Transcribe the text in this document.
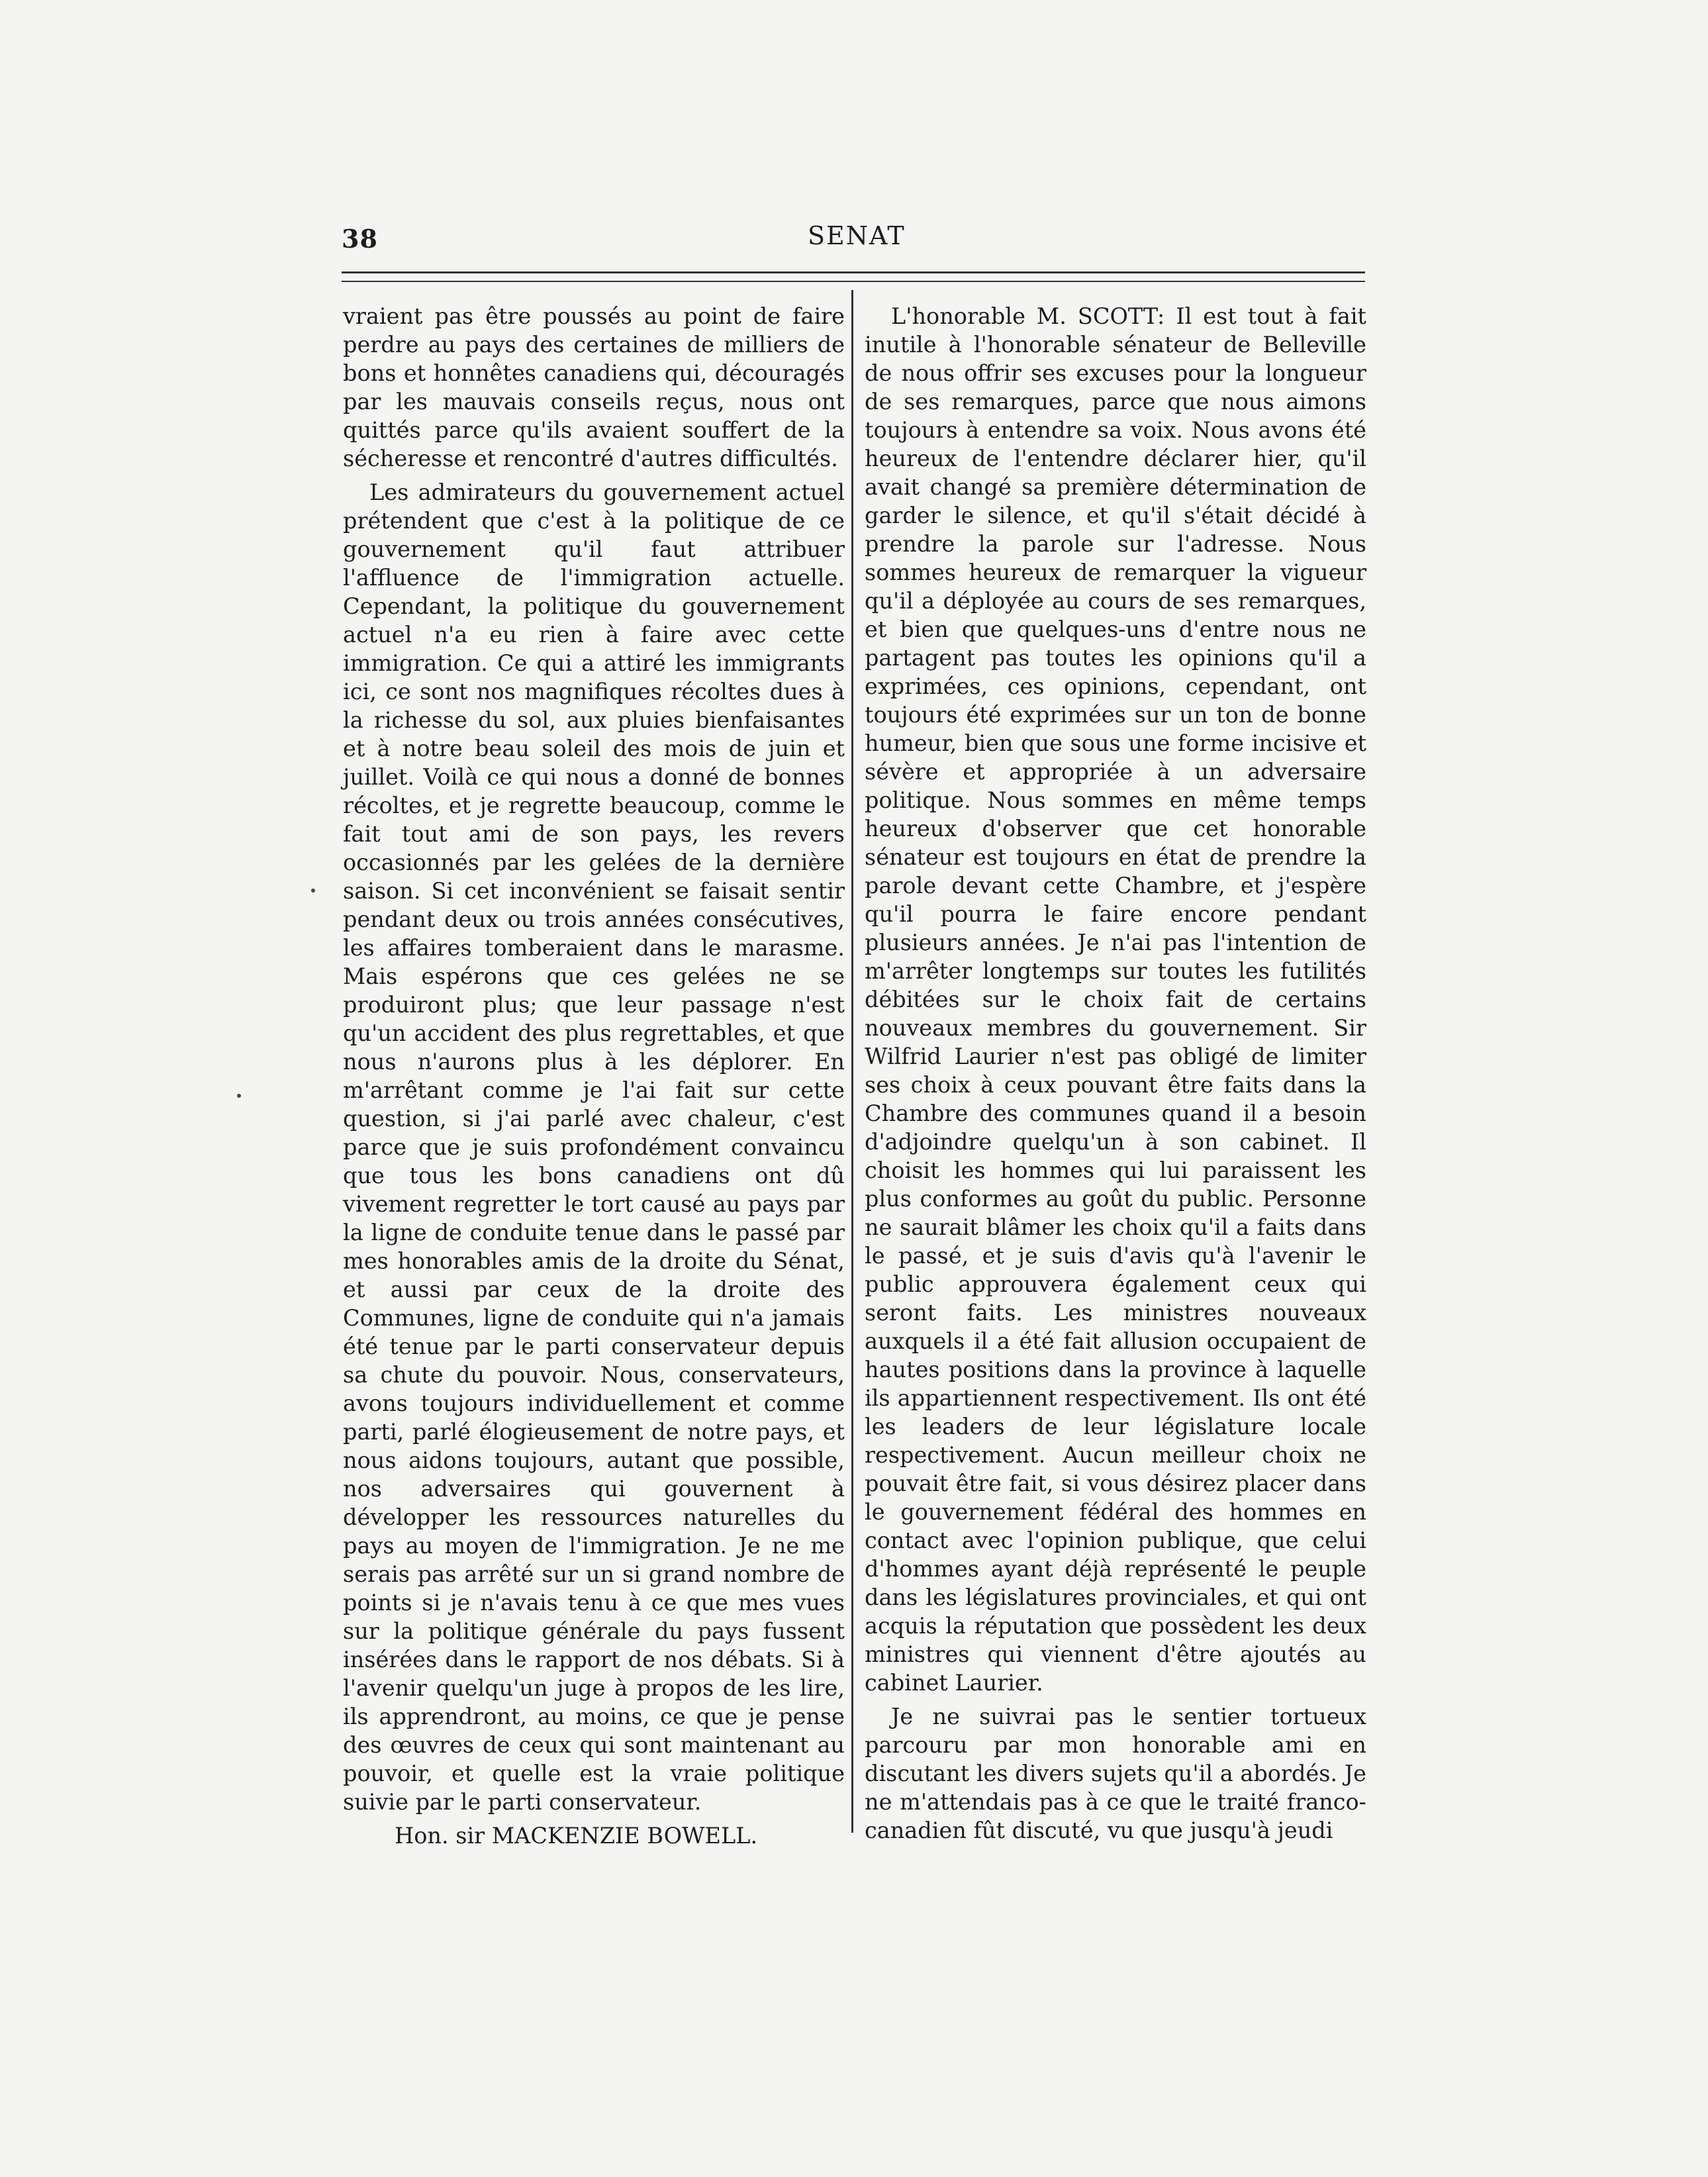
38	SENAT

vraient pas être poussés au point de faire perdre au pays des certaines de milliers de bons et honnêtes canadiens qui, découragés par les mauvais conseils reçus, nous ont quittés parce qu'ils avaient souffert de la sécheresse et rencontré d'autres difficultés.

Les admirateurs du gouvernement actuel prétendent que c'est à la politique de ce gouvernement qu'il faut attribuer l'affluence de l'immigration actuelle. Cependant, la politique du gouvernement actuel n'a eu rien à faire avec cette immigration. Ce qui a attiré les immigrants ici, ce sont nos magnifiques récoltes dues à la richesse du sol, aux pluies bienfaisantes et à notre beau soleil des mois de juin et juillet. Voilà ce qui nous a donné de bonnes récoltes, et je regrette beaucoup, comme le fait tout ami de son pays, les revers occasionnés par les gelées de la dernière saison. Si cet inconvénient se faisait sentir pendant deux ou trois années consécutives, les affaires tomberaient dans le marasme. Mais espérons que ces gelées ne se produiront plus; que leur passage n'est qu'un accident des plus regrettables, et que nous n'aurons plus à les déplorer. En m'arrêtant comme je l'ai fait sur cette question, si j'ai parlé avec chaleur, c'est parce que je suis profondément convaincu que tous les bons canadiens ont dû vivement regretter le tort causé au pays par la ligne de conduite tenue dans le passé par mes honorables amis de la droite du Sénat, et aussi par ceux de la droite des Communes, ligne de conduite qui n'a jamais été tenue par le parti conservateur depuis sa chute du pouvoir. Nous, conservateurs, avons toujours individuellement et comme parti, parlé élogieusement de notre pays, et nous aidons toujours, autant que possible, nos adversaires qui gouvernent à développer les ressources naturelles du pays au moyen de l'immigration. Je ne me serais pas arrêté sur un si grand nombre de points si je n'avais tenu à ce que mes vues sur la politique générale du pays fussent insérées dans le rapport de nos débats. Si à l'avenir quelqu'un juge à propos de les lire, ils apprendront, au moins, ce que je pense des œuvres de ceux qui sont maintenant au pouvoir, et quelle est la vraie politique suivie par le parti conservateur.

Hon. sir MACKENZIE BOWELL.

L'honorable M. SCOTT: Il est tout à fait inutile à l'honorable sénateur de Belleville de nous offrir ses excuses pour la longueur de ses remarques, parce que nous aimons toujours à entendre sa voix. Nous avons été heureux de l'entendre déclarer hier, qu'il avait changé sa première détermination de garder le silence, et qu'il s'était décidé à prendre la parole sur l'adresse. Nous sommes heureux de remarquer la vigueur qu'il a déployée au cours de ses remarques, et bien que quelques-uns d'entre nous ne partagent pas toutes les opinions qu'il a exprimées, ces opinions, cependant, ont toujours été exprimées sur un ton de bonne humeur, bien que sous une forme incisive et sévère et appropriée à un adversaire politique. Nous sommes en même temps heureux d'observer que cet honorable sénateur est toujours en état de prendre la parole devant cette Chambre, et j'espère qu'il pourra le faire encore pendant plusieurs années. Je n'ai pas l'intention de m'arrêter longtemps sur toutes les futilités débitées sur le choix fait de certains nouveaux membres du gouvernement. Sir Wilfrid Laurier n'est pas obligé de limiter ses choix à ceux pouvant être faits dans la Chambre des communes quand il a besoin d'adjoindre quelqu'un à son cabinet. Il choisit les hommes qui lui paraissent les plus conformes au goût du public. Personne ne saurait blâmer les choix qu'il a faits dans le passé, et je suis d'avis qu'à l'avenir le public approuvera également ceux qui seront faits. Les ministres nouveaux auxquels il a été fait allusion occupaient de hautes positions dans la province à laquelle ils appartiennent respectivement. Ils ont été les leaders de leur législature locale respectivement. Aucun meilleur choix ne pouvait être fait, si vous désirez placer dans le gouvernement fédéral des hommes en contact avec l'opinion publique, que celui d'hommes ayant déjà représenté le peuple dans les législatures provinciales, et qui ont acquis la réputation que possèdent les deux ministres qui viennent d'être ajoutés au cabinet Laurier.

Je ne suivrai pas le sentier tortueux parcouru par mon honorable ami en discutant les divers sujets qu'il a abordés. Je ne m'attendais pas à ce que le traité franco-canadien fût discuté, vu que jusqu'à jeudi
